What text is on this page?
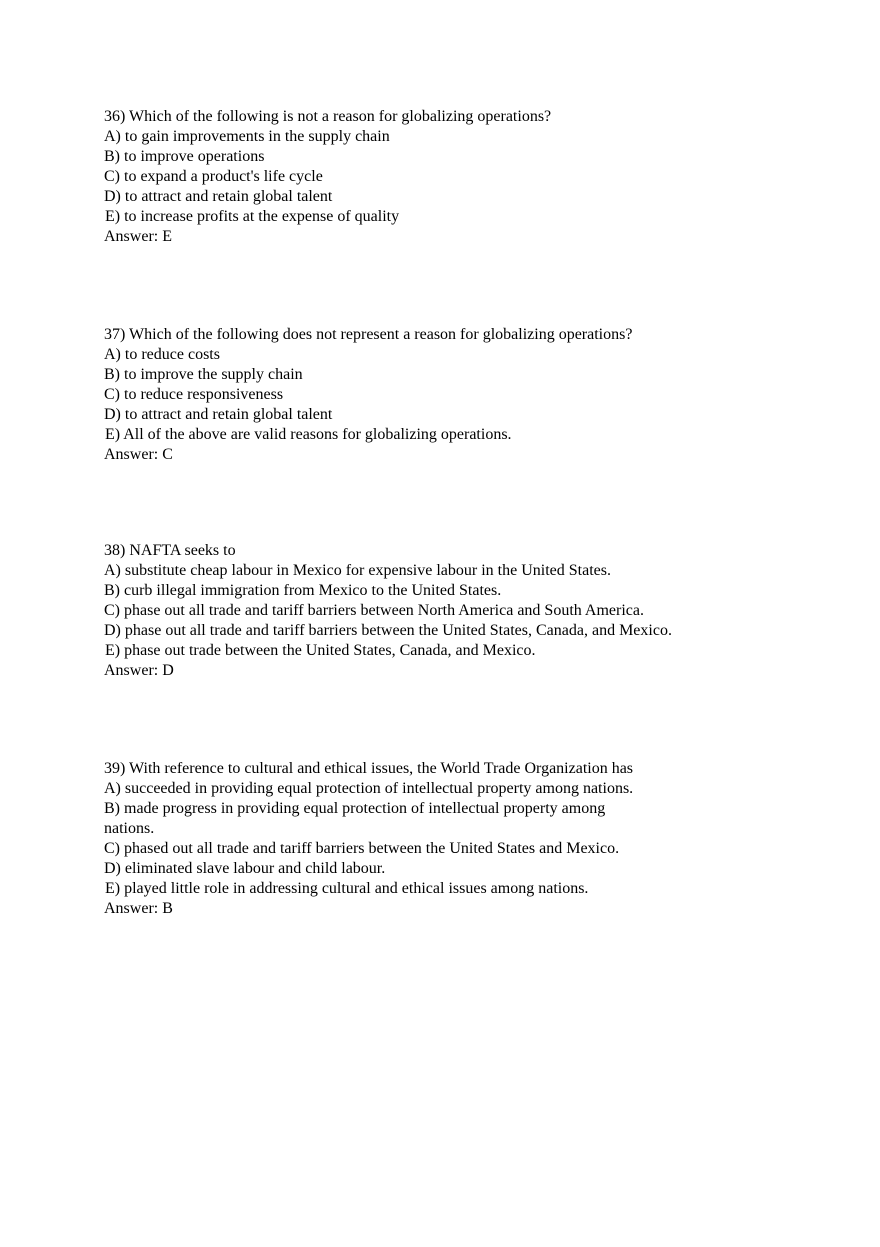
36) Which of the following is not a reason for globalizing operations?
A) to gain improvements in the supply chain
B) to improve operations
C) to expand a product's life cycle
D) to attract and retain global talent
E) to increase profits at the expense of quality
Answer: E
37) Which of the following does not represent a reason for globalizing operations?
A) to reduce costs
B) to improve the supply chain
C) to reduce responsiveness
D) to attract and retain global talent
E) All of the above are valid reasons for globalizing operations.
Answer: C
38) NAFTA seeks to
A) substitute cheap labour in Mexico for expensive labour in the United States.
B) curb illegal immigration from Mexico to the United States.
C) phase out all trade and tariff barriers between North America and South America.
D) phase out all trade and tariff barriers between the United States, Canada, and Mexico.
E) phase out trade between the United States, Canada, and Mexico.
Answer: D
39) With reference to cultural and ethical issues, the World Trade Organization has
A) succeeded in providing equal protection of intellectual property among nations.
B) made progress in providing equal protection of intellectual property among
nations.
C) phased out all trade and tariff barriers between the United States and Mexico.
D) eliminated slave labour and child labour.
E) played little role in addressing cultural and ethical issues among nations.
Answer: B
